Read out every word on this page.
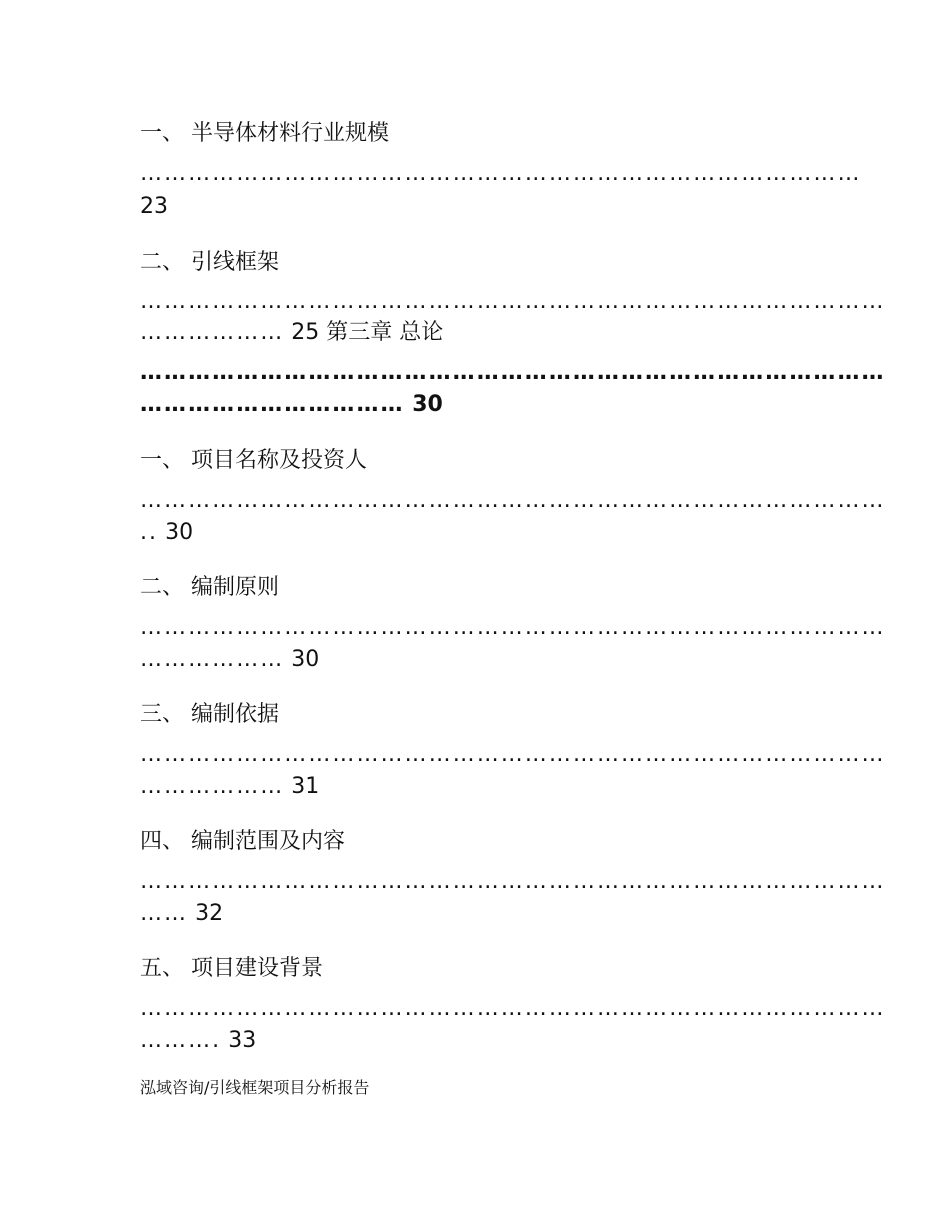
一、 半导体材料行业规模
………………………………………………………………………………
23
二、 引线框架
…………………………………………………………………………………
……………… 25 第三章 总论
…………………………………………………………………………………
…………………………… 30
一、 项目名称及投资人
…………………………………………………………………………………
.. 30
二、 编制原则
…………………………………………………………………………………
……………… 30
三、 编制依据
…………………………………………………………………………………
……………… 31
四、 编制范围及内容
…………………………………………………………………………………
…… 32
五、 项目建设背景
…………………………………………………………………………………
………. 33
泓域咨询/引线框架项目分析报告
